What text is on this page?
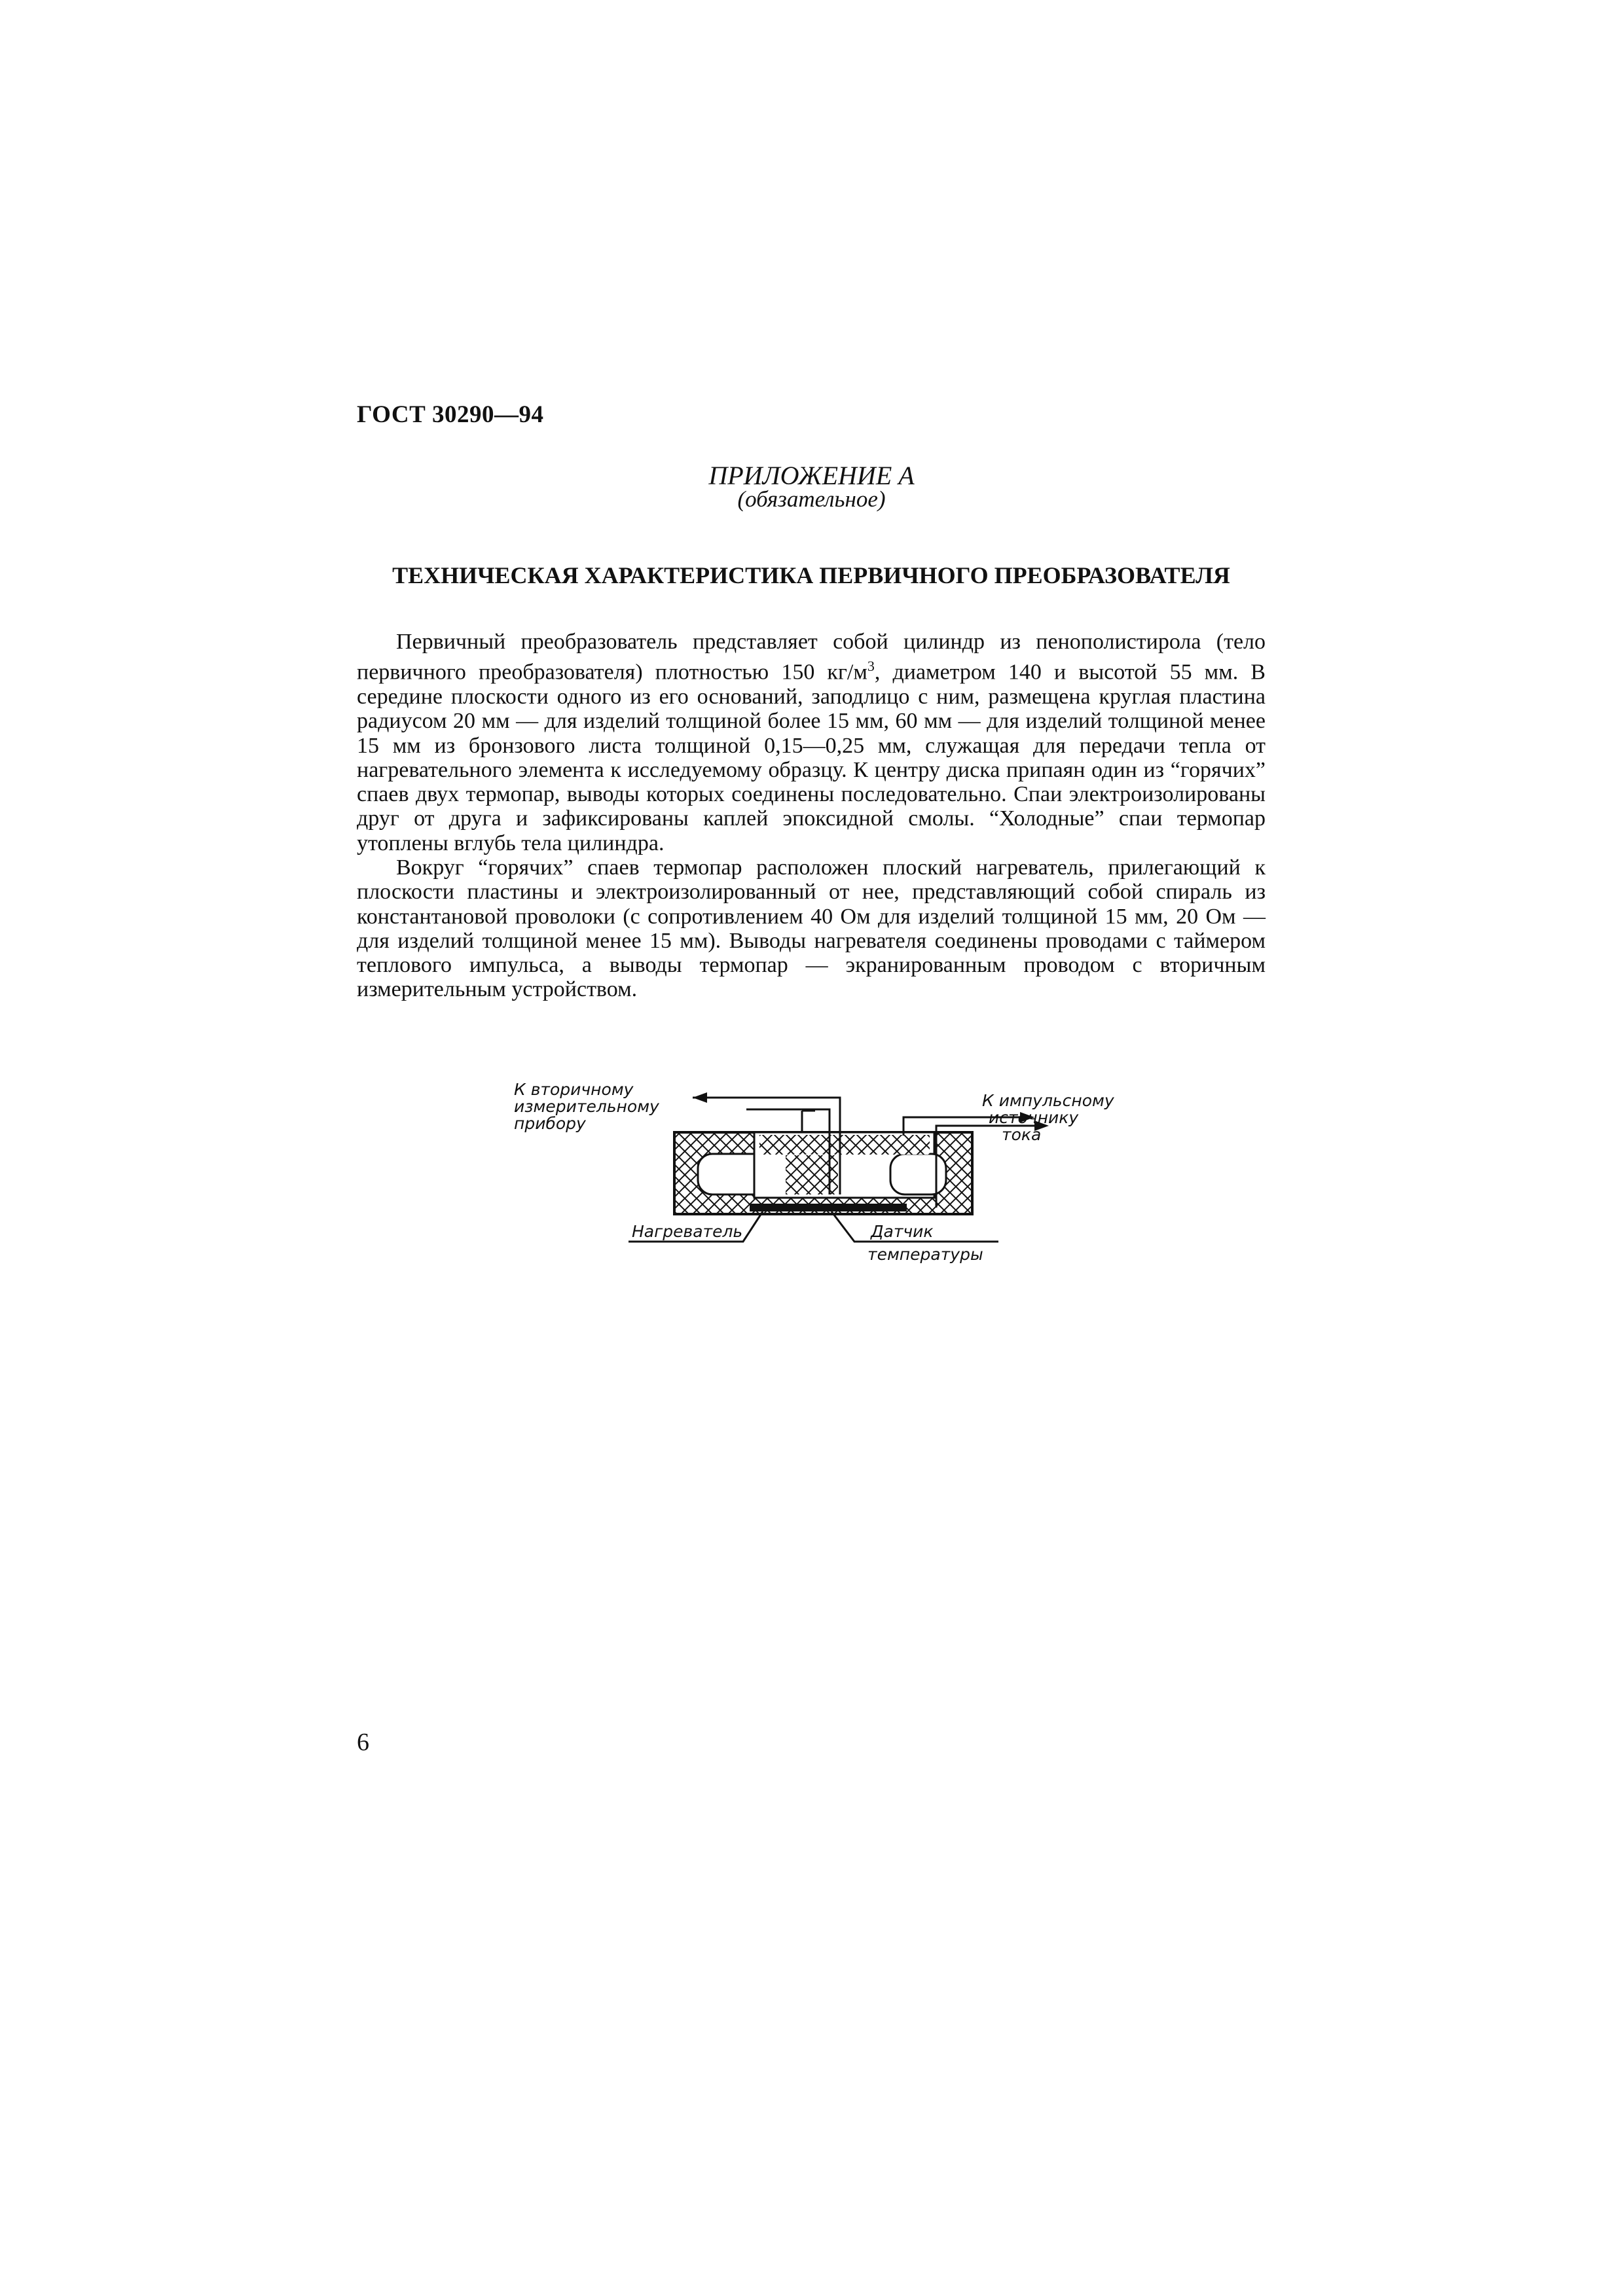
ГОСТ 30290—94
ПРИЛОЖЕНИЕ А
(обязательное)
ТЕХНИЧЕСКАЯ ХАРАКТЕРИСТИКА ПЕРВИЧНОГО ПРЕОБРАЗОВАТЕЛЯ

Первичный преобразователь представляет собой цилиндр из пенополистирола (тело первичного преобразователя) плотностью 150 $кг/м^3$, диаметром 140 и высотой 55 мм. В середине плоскости одного из его оснований, заподлицо с ним, размещена круглая пластина радиусом 20 мм — для изделий толщиной более 15 мм, 60 мм — для изделий толщиной менее 15 мм из бронзового листа толщиной 0,15—0,25 мм, служащая для передачи тепла от нагревательного элемента к исследуемому образцу. К центру диска припаян один из “горячих” спаев двух термопар, выводы которых соединены последовательно. Спаи электроизолированы друг от друга и зафиксированы каплей эпоксидной смолы. “Холодные” спаи термопар утоплены вглубь тела цилиндра.

Вокруг “горячих” спаев термопар расположен плоский нагреватель, прилегающий к плоскости пластины и электроизолированный от нее, представляющий собой спираль из константановой проволоки (с сопротивлением 40 Ом для изделий толщиной 15 мм, 20 Ом — для изделий толщиной менее 15 мм). Выводы нагревателя соединены проводами с таймером теплового импульса, а выводы термопар — экранированным проводом с вторичным измерительным устройством.

К вторичному
измерительному
прибору
К импульсному
источнику
тока
Нагреватель	Датчик
температуры
6
